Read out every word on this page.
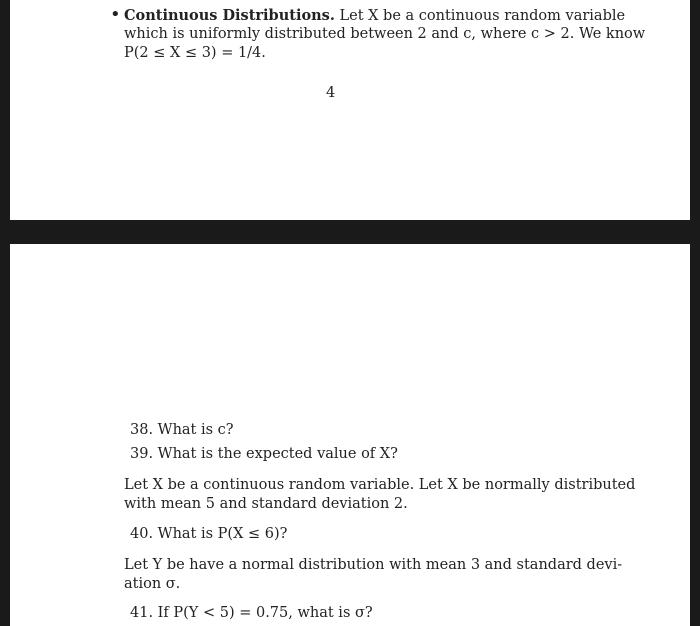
• Continuous Distributions. Let X be a continuous random variable
which is uniformly distributed between 2 and c, where c > 2. We know
P(2 ≤ X ≤ 3) = 1/4.
4
38. What is c?
39. What is the expected value of X?
Let X be a continuous random variable. Let X be normally distributed
with mean 5 and standard deviation 2.
40. What is P(X ≤ 6)?
Let Y be have a normal distribution with mean 3 and standard devi-
ation σ.
41. If P(Y < 5) = 0.75, what is σ?
